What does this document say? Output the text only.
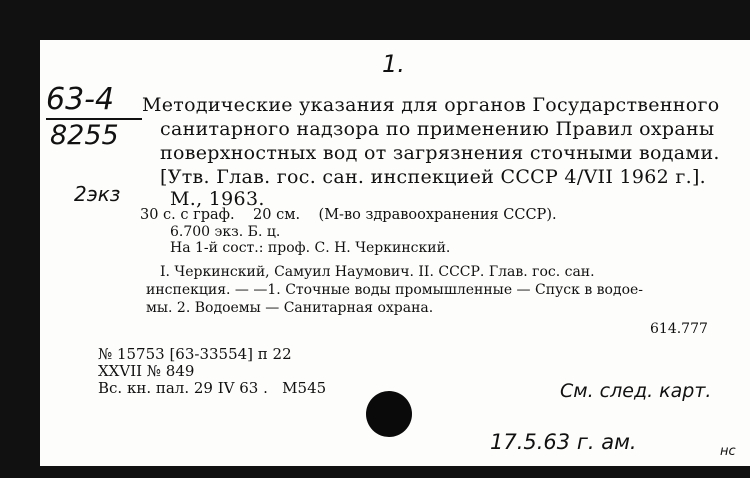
1.
63-4
8255
2экз
Методические указания для органов Государственного
санитарного надзора по применению Правил охраны
поверхностных вод от загрязнения сточными водами.
[Утв. Глав. гос. сан. инспекцией СССР 4/VII 1962 г.].
М., 1963.
30 с. с граф.    20 см.    (М-во здравоохранения СССР).
6.700 экз. Б. ц.
На 1-й сост.: проф. С. Н. Черкинский.
I. Черкинский, Самуил Наумович. II. СССР. Глав. гос. сан.
инспекция. — —1. Сточные воды промышленные — Спуск в водое-
мы. 2. Водоемы — Санитарная охрана.
614.777
№ 15753 [63-33554] п 22
XXVII № 849
Вс. кн. пал. 29 IV 63 .   М545	См. след. карт.
17.5.63 г. ам.	нс
